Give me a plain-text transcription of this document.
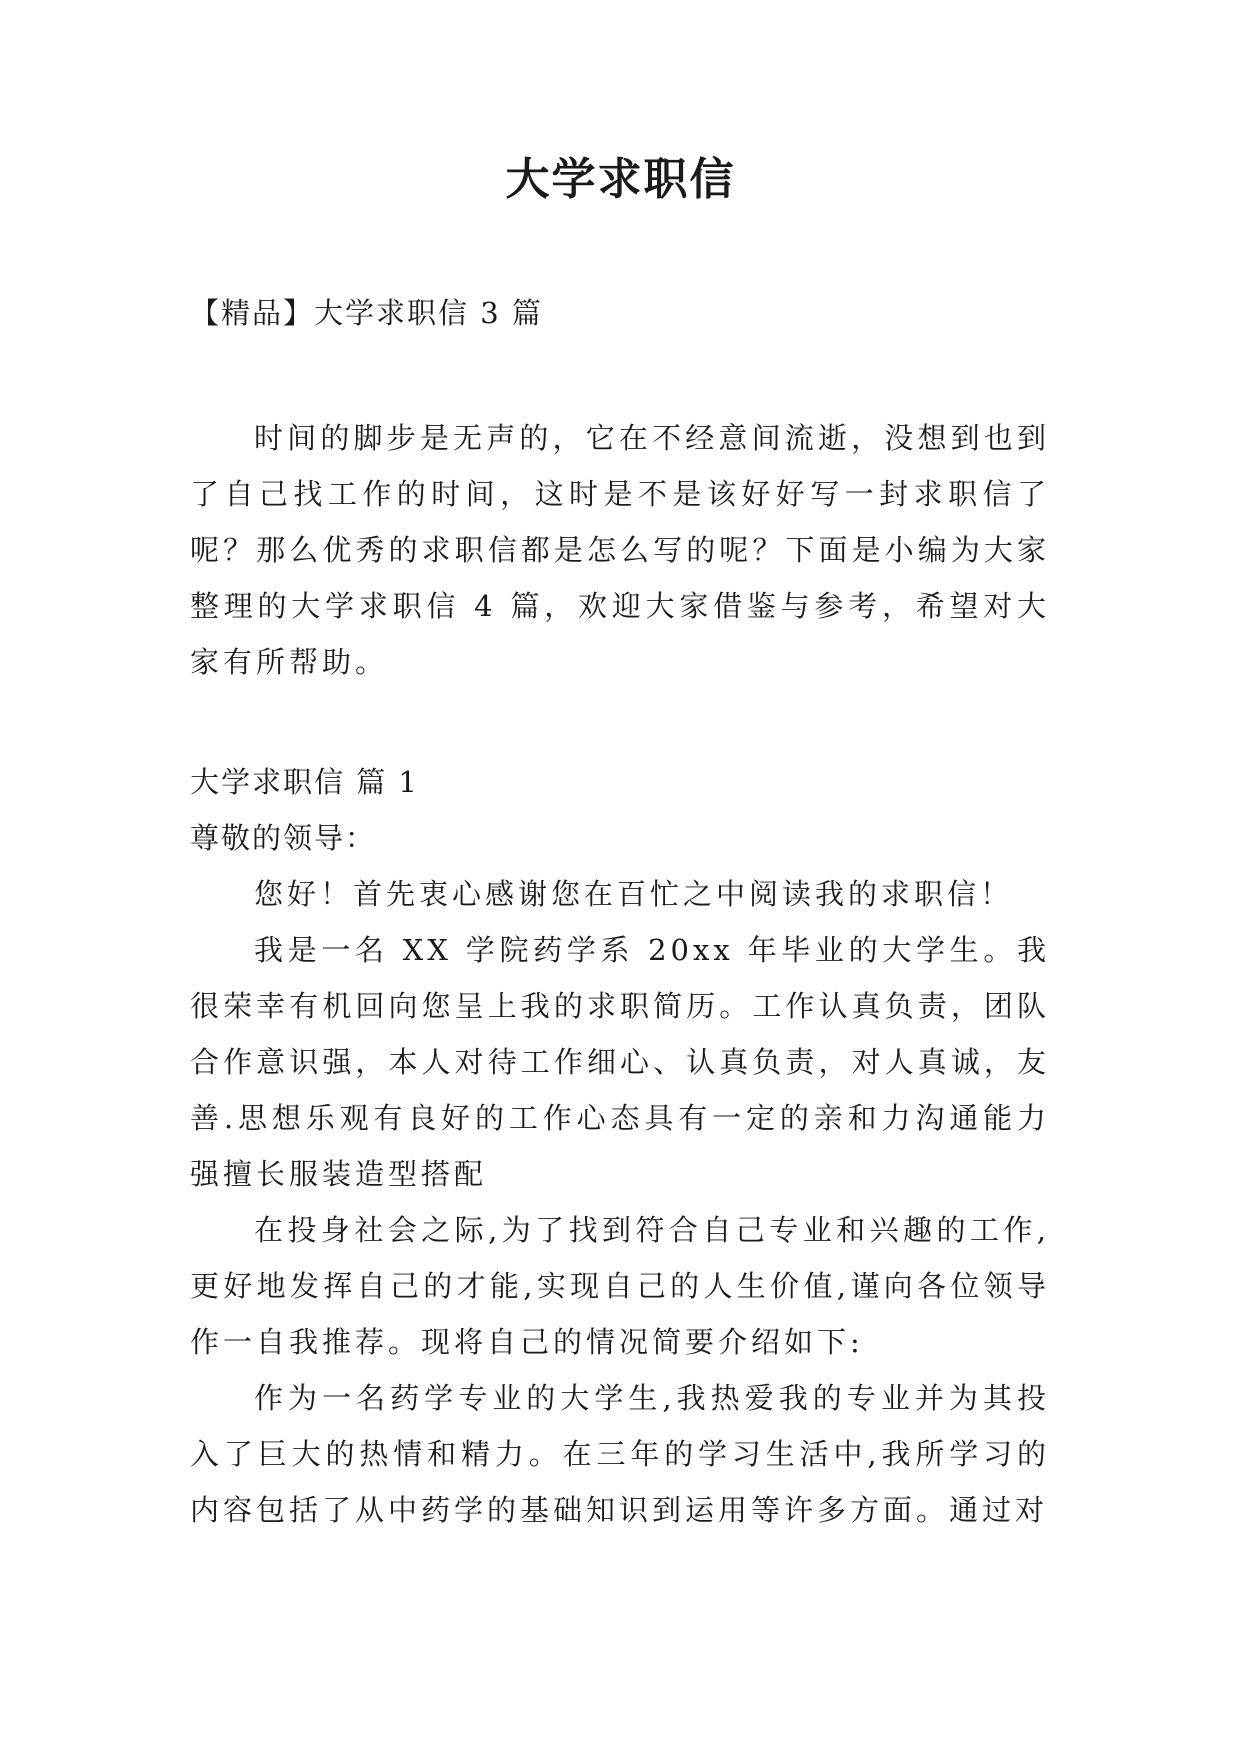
大学求职信

【精品】大学求职信 3 篇

时间的脚步是无声的，它在不经意间流逝，没想到也到了自己找工作的时间，这时是不是该好好写一封求职信了呢？那么优秀的求职信都是怎么写的呢？下面是小编为大家整理的大学求职信 4 篇，欢迎大家借鉴与参考，希望对大家有所帮助。

大学求职信 篇 1

尊敬的领导：

您好！首先衷心感谢您在百忙之中阅读我的求职信！

我是一名 XX 学院药学系 20xx 年毕业的大学生。我很荣幸有机回向您呈上我的求职简历。工作认真负责，团队合作意识强，本人对待工作细心、认真负责，对人真诚，友善.思想乐观有良好的工作心态具有一定的亲和力沟通能力强擅长服装造型搭配

在投身社会之际,为了找到符合自己专业和兴趣的工作,更好地发挥自己的才能,实现自己的人生价值,谨向各位领导作一自我推荐。现将自己的情况简要介绍如下:

作为一名药学专业的大学生,我热爱我的专业并为其投入了巨大的热情和精力。在三年的学习生活中,我所学习的内容包括了从中药学的基础知识到运用等许多方面。通过对
